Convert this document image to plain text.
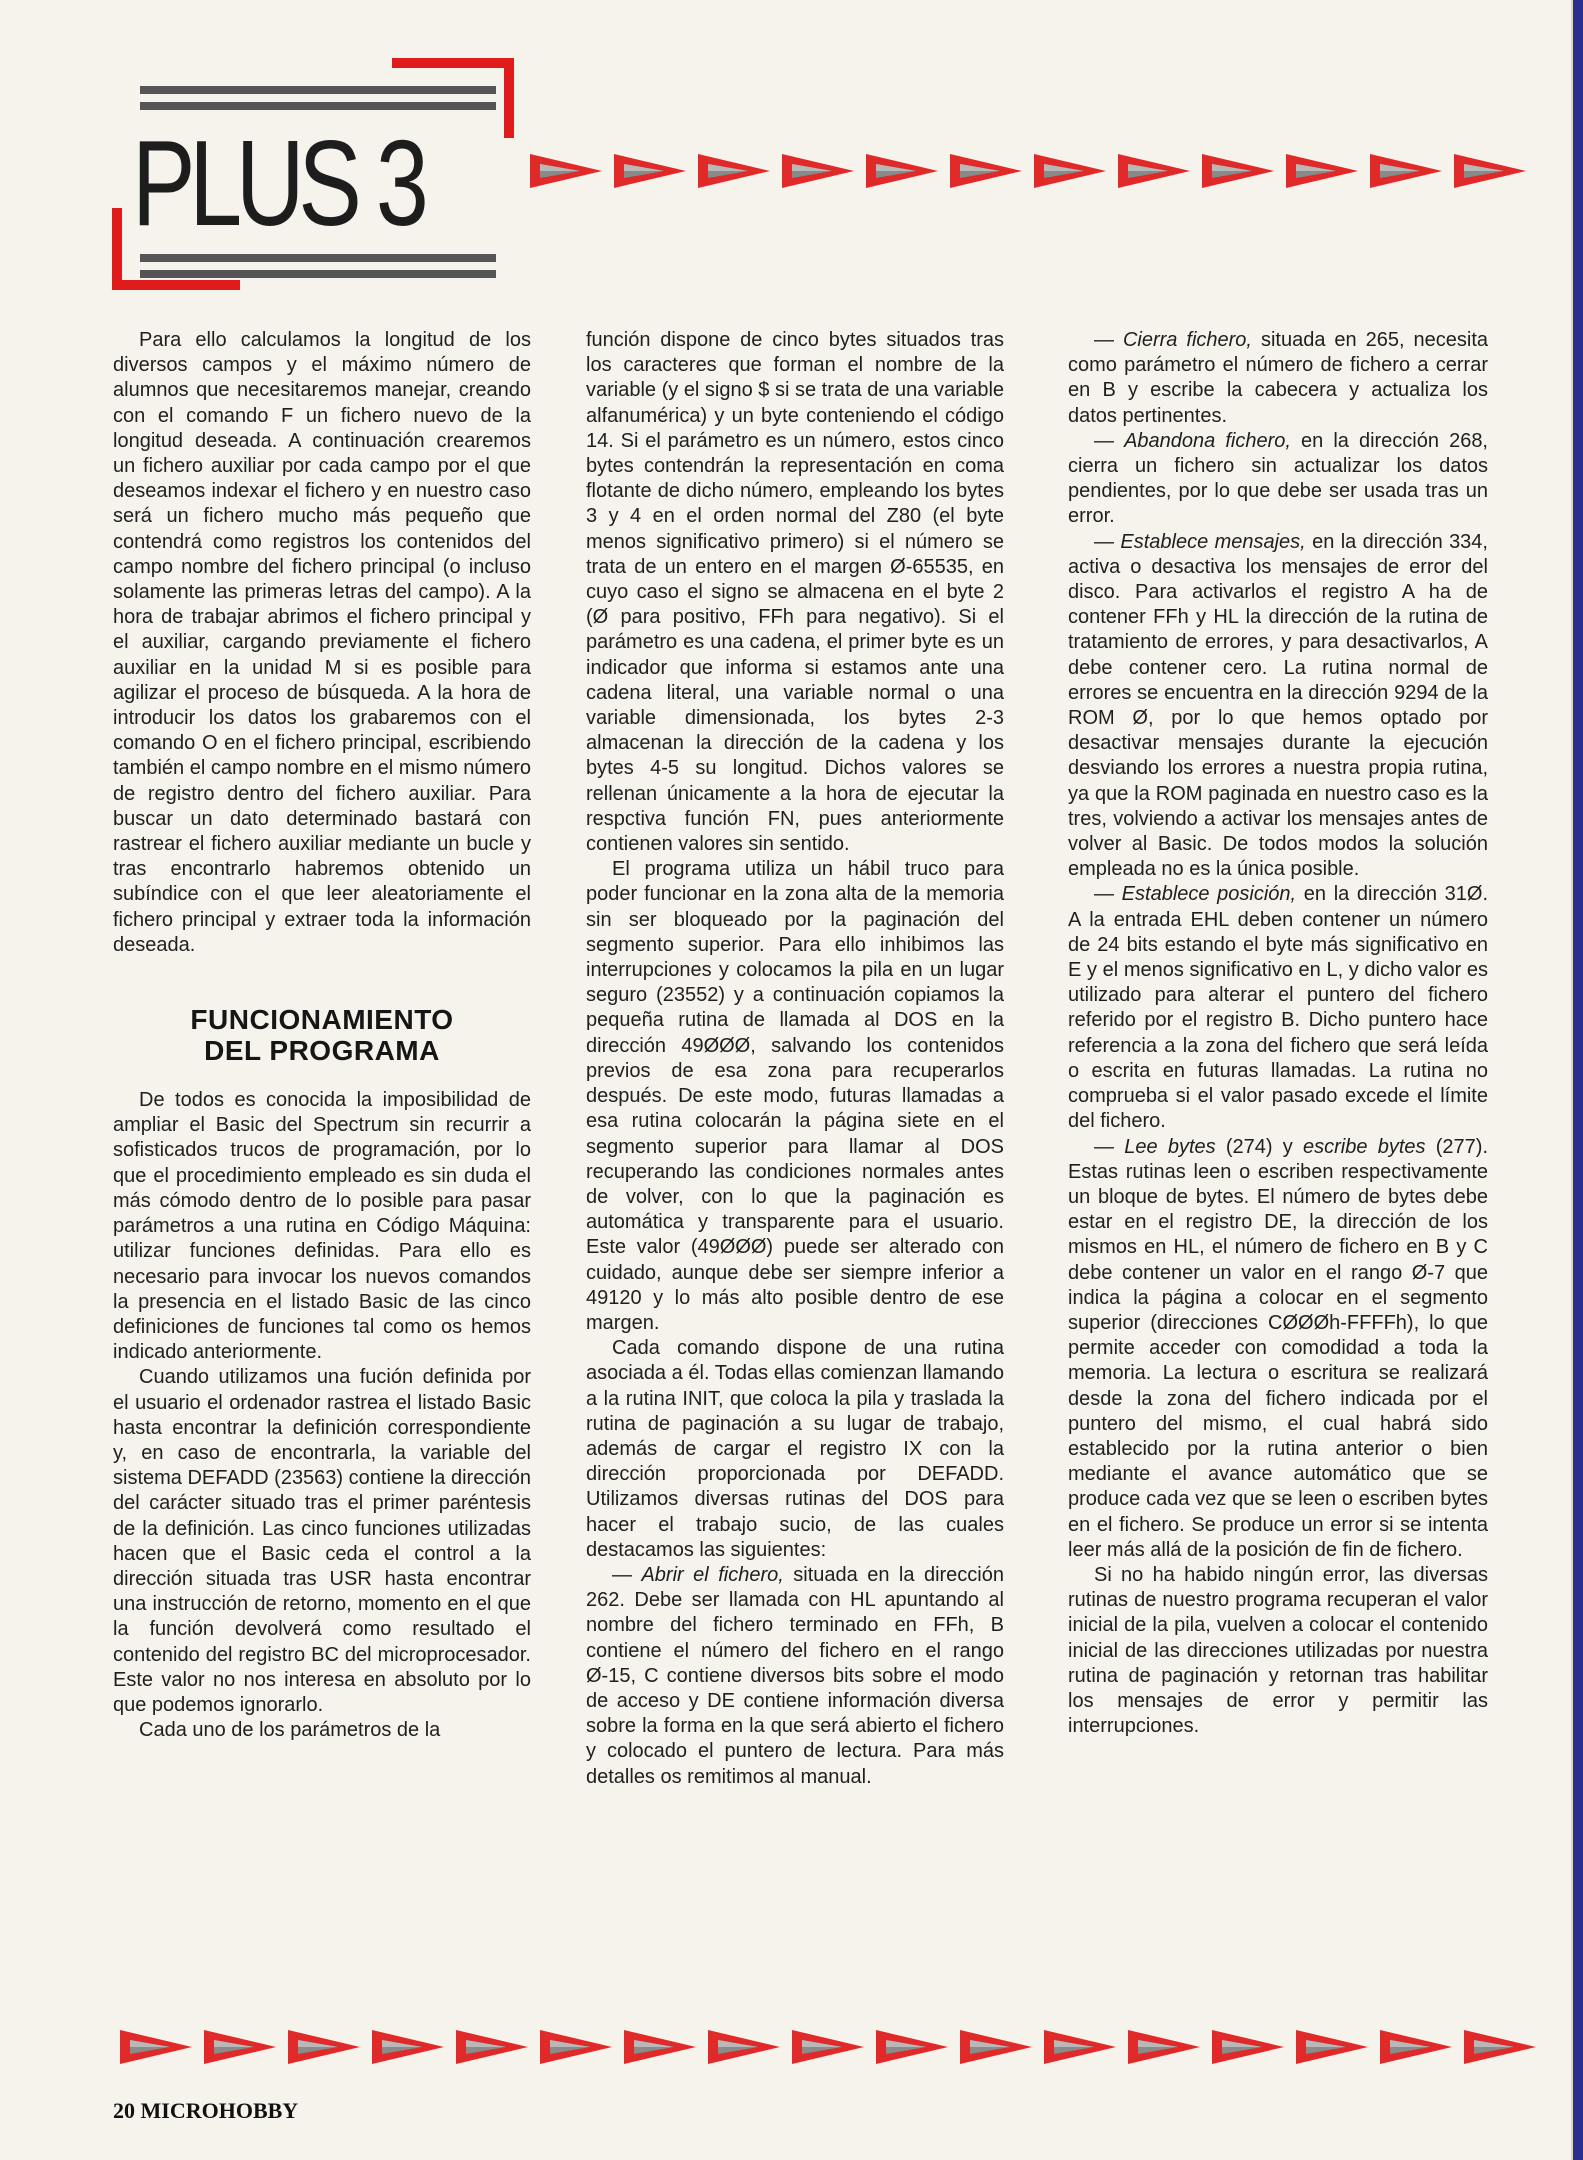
PLUS 3

Para ello calculamos la longitud de los diversos campos y el máximo número de alumnos que necesitaremos manejar, creando con el comando F un fichero nuevo de la longitud deseada. A continuación crearemos un fichero auxiliar por cada campo por el que deseamos indexar el fichero y en nuestro caso será un fichero mucho más pequeño que contendrá como registros los contenidos del campo nombre del fichero principal (o incluso solamente las primeras letras del campo). A la hora de trabajar abrimos el fichero principal y el auxiliar, cargando previamente el fichero auxiliar en la unidad M si es posible para agilizar el proceso de búsqueda. A la hora de introducir los datos los grabaremos con el comando O en el fichero principal, escribiendo también el campo nombre en el mismo número de registro dentro del fichero auxiliar. Para buscar un dato determinado bastará con rastrear el fichero auxiliar mediante un bucle y tras encontrarlo habremos obtenido un subíndice con el que leer aleatoriamente el fichero principal y extraer toda la información deseada.

FUNCIONAMIENTO
DEL PROGRAMA

De todos es conocida la imposibilidad de ampliar el Basic del Spectrum sin recurrir a sofisticados trucos de programación, por lo que el procedimiento empleado es sin duda el más cómodo dentro de lo posible para pasar parámetros a una rutina en Código Máquina: utilizar funciones definidas. Para ello es necesario para invocar los nuevos comandos la presencia en el listado Basic de las cinco definiciones de funciones tal como os hemos indicado anteriormente.

Cuando utilizamos una fución definida por el usuario el ordenador rastrea el listado Basic hasta encontrar la definición correspondiente y, en caso de encontrarla, la variable del sistema DEFADD (23563) contiene la dirección del carácter situado tras el primer paréntesis de la definición. Las cinco funciones utilizadas hacen que el Basic ceda el control a la dirección situada tras USR hasta encontrar una instrucción de retorno, momento en el que la función devolverá como resultado el contenido del registro BC del microprocesador. Este valor no nos interesa en absoluto por lo que podemos ignorarlo.

Cada uno de los parámetros de la

función dispone de cinco bytes situados tras los caracteres que forman el nombre de la variable (y el signo $ si se trata de una variable alfanumérica) y un byte conteniendo el código 14. Si el parámetro es un número, estos cinco bytes contendrán la representación en coma flotante de dicho número, empleando los bytes 3 y 4 en el orden normal del Z80 (el byte menos significativo primero) si el número se trata de un entero en el margen Ø-65535, en cuyo caso el signo se almacena en el byte 2 (Ø para positivo, FFh para negativo). Si el parámetro es una cadena, el primer byte es un indicador que informa si estamos ante una cadena literal, una variable normal o una variable dimensionada, los bytes 2-3 almacenan la dirección de la cadena y los bytes 4-5 su longitud. Dichos valores se rellenan únicamente a la hora de ejecutar la respctiva función FN, pues anteriormente contienen valores sin sentido.

El programa utiliza un hábil truco para poder funcionar en la zona alta de la memoria sin ser bloqueado por la paginación del segmento superior. Para ello inhibimos las interrupciones y colocamos la pila en un lugar seguro (23552) y a continuación copiamos la pequeña rutina de llamada al DOS en la dirección 49ØØØ, salvando los contenidos previos de esa zona para recuperarlos después. De este modo, futuras llamadas a esa rutina colocarán la página siete en el segmento superior para llamar al DOS recuperando las condiciones normales antes de volver, con lo que la paginación es automática y transparente para el usuario. Este valor (49ØØØ) puede ser alterado con cuidado, aunque debe ser siempre inferior a 49120 y lo más alto posible dentro de ese margen.

Cada comando dispone de una rutina asociada a él. Todas ellas comienzan llamando a la rutina INIT, que coloca la pila y traslada la rutina de paginación a su lugar de trabajo, además de cargar el registro IX con la dirección proporcionada por DEFADD. Utilizamos diversas rutinas del DOS para hacer el trabajo sucio, de las cuales destacamos las siguientes:

— Abrir el fichero, situada en la dirección 262. Debe ser llamada con HL apuntando al nombre del fichero terminado en FFh, B contiene el número del fichero en el rango Ø-15, C contiene diversos bits sobre el modo de acceso y DE contiene información diversa sobre la forma en la que será abierto el fichero y colocado el puntero de lectura. Para más detalles os remitimos al manual.

— Cierra fichero, situada en 265, necesita como parámetro el número de fichero a cerrar en B y escribe la cabecera y actualiza los datos pertinentes.

— Abandona fichero, en la dirección 268, cierra un fichero sin actualizar los datos pendientes, por lo que debe ser usada tras un error.

— Establece mensajes, en la dirección 334, activa o desactiva los mensajes de error del disco. Para activarlos el registro A ha de contener FFh y HL la dirección de la rutina de tratamiento de errores, y para desactivarlos, A debe contener cero. La rutina normal de errores se encuentra en la dirección 9294 de la ROM Ø, por lo que hemos optado por desactivar mensajes durante la ejecución desviando los errores a nuestra propia rutina, ya que la ROM paginada en nuestro caso es la tres, volviendo a activar los mensajes antes de volver al Basic. De todos modos la solución empleada no es la única posible.

— Establece posición, en la dirección 31Ø. A la entrada EHL deben contener un número de 24 bits estando el byte más significativo en E y el menos significativo en L, y dicho valor es utilizado para alterar el puntero del fichero referido por el registro B. Dicho puntero hace referencia a la zona del fichero que será leída o escrita en futuras llamadas. La rutina no comprueba si el valor pasado excede el límite del fichero.

— Lee bytes (274) y escribe bytes (277). Estas rutinas leen o escriben respectivamente un bloque de bytes. El número de bytes debe estar en el registro DE, la dirección de los mismos en HL, el número de fichero en B y C debe contener un valor en el rango Ø-7 que indica la página a colocar en el segmento superior (direcciones CØØØh-FFFFh), lo que permite acceder con comodidad a toda la memoria. La lectura o escritura se realizará desde la zona del fichero indicada por el puntero del mismo, el cual habrá sido establecido por la rutina anterior o bien mediante el avance automático que se produce cada vez que se leen o escriben bytes en el fichero. Se produce un error si se intenta leer más allá de la posición de fin de fichero.

Si no ha habido ningún error, las diversas rutinas de nuestro programa recuperan el valor inicial de la pila, vuelven a colocar el contenido inicial de las direcciones utilizadas por nuestra rutina de paginación y retornan tras habilitar los mensajes de error y permitir las interrupciones.

20 MICROHOBBY
